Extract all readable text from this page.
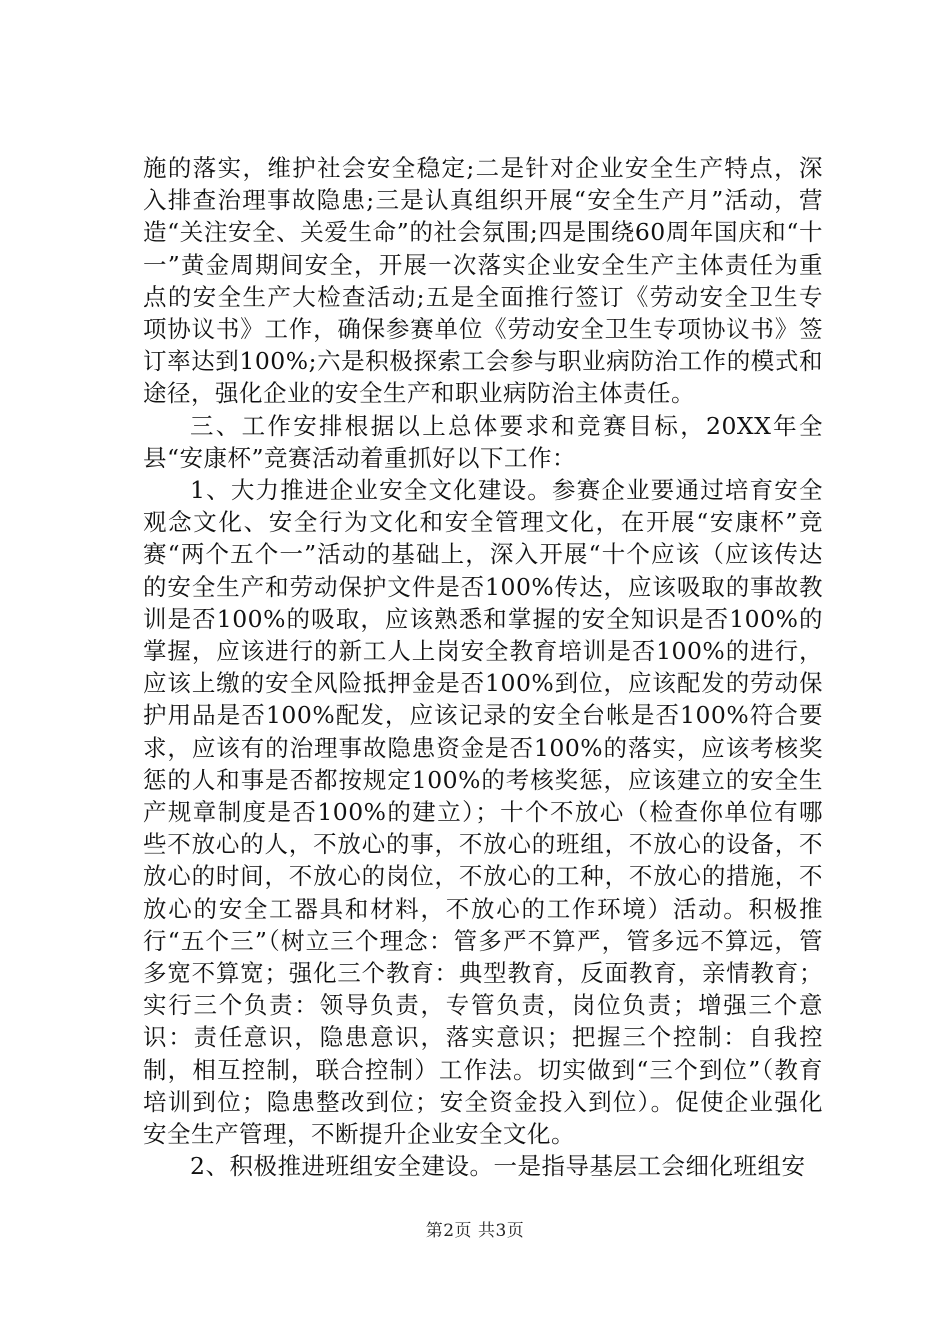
施的落实，维护社会安全稳定;二是针对企业安全生产特点，深入排查治理事故隐患;三是认真组织开展“安全生产月”活动，营造“关注安全、关爱生命”的社会氛围;四是围绕60周年国庆和“十一”黄金周期间安全，开展一次落实企业安全生产主体责任为重点的安全生产大检查活动;五是全面推行签订《劳动安全卫生专项协议书》工作，确保参赛单位《劳动安全卫生专项协议书》签订率达到100%;六是积极探索工会参与职业病防治工作的模式和途径，强化企业的安全生产和职业病防治主体责任。

三、工作安排根据以上总体要求和竞赛目标，20XX年全县“安康杯”竞赛活动着重抓好以下工作：

1、大力推进企业安全文化建设。参赛企业要通过培育安全观念文化、安全行为文化和安全管理文化，在开展“安康杯”竞赛“两个五个一”活动的基础上，深入开展“十个应该（应该传达的安全生产和劳动保护文件是否100%传达，应该吸取的事故教训是否100%的吸取，应该熟悉和掌握的安全知识是否100%的掌握，应该进行的新工人上岗安全教育培训是否100%的进行，应该上缴的安全风险抵押金是否100%到位，应该配发的劳动保护用品是否100%配发，应该记录的安全台帐是否100%符合要求，应该有的治理事故隐患资金是否100%的落实，应该考核奖惩的人和事是否都按规定100%的考核奖惩，应该建立的安全生产规章制度是否100%的建立）；十个不放心（检查你单位有哪些不放心的人，不放心的事，不放心的班组，不放心的设备，不放心的时间，不放心的岗位，不放心的工种，不放心的措施，不放心的安全工器具和材料，不放心的工作环境）活动。积极推行“五个三”（树立三个理念：管多严不算严，管多远不算远，管多宽不算宽；强化三个教育：典型教育，反面教育，亲情教育；实行三个负责：领导负责，专管负责，岗位负责；增强三个意识：责任意识，隐患意识，落实意识；把握三个控制：自我控制，相互控制，联合控制）工作法。切实做到“三个到位”（教育培训到位；隐患整改到位；安全资金投入到位）。促使企业强化安全生产管理，不断提升企业安全文化。

2、积极推进班组安全建设。一是指导基层工会细化班组安

第2页 共3页
